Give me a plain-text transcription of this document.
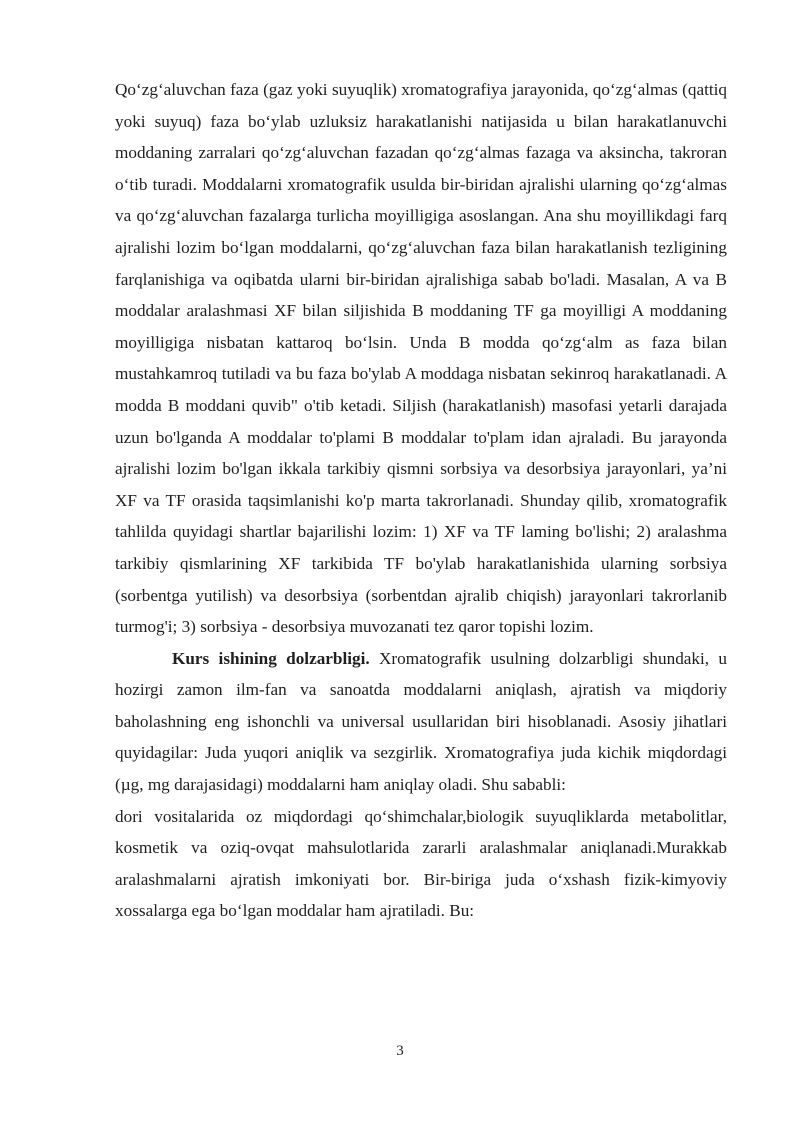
Qo‘zg‘aluvchan faza (gaz yoki suyuqlik) xromatografiya jarayonida, qo‘zg‘almas (qattiq yoki suyuq) faza bo‘ylab uzluksiz harakatlanishi natijasida u bilan harakatlanuvchi moddaning zarralari qo‘zg‘aluvchan fazadan qo‘zg‘almas fazaga va aksincha, takroran o‘tib turadi. Moddalarni xromatografik usulda bir-biridan ajralishi ularning qo‘zg‘almas va qo‘zg‘aluvchan fazalarga turlicha moyilligiga asoslangan. Ana shu moyillikdagi farq ajralishi lozim bo‘lgan moddalarni, qo‘zg‘aluvchan faza bilan harakatlanish tezligining farqlanishiga va oqibatda ularni bir-biridan ajralishiga sabab bo'ladi. Masalan, A va B moddalar aralashmasi XF bilan siljishida B moddaning TF ga moyilligi A moddaning moyilligiga nisbatan kattaroq bo‘lsin. Unda B modda qo‘zg‘alm as faza bilan mustahkamroq tutiladi va bu faza bo'ylab A moddaga nisbatan sekinroq harakatlanadi. A modda B moddani quvib" o'tib ketadi. Siljish (harakatlanish) masofasi yetarli darajada uzun bo'lganda A moddalar to'plami B moddalar to'plam idan ajraladi. Bu jarayonda ajralishi lozim bo'lgan ikkala tarkibiy qismni sorbsiya va desorbsiya jarayonlari, ya’ni XF va TF orasida taqsimlanishi ko'p marta takrorlanadi. Shunday qilib, xromatografik tahlilda quyidagi shartlar bajarilishi lozim: 1) XF va TF laming bo'lishi; 2) aralashma tarkibiy qismlarining XF tarkibida TF bo'ylab harakatlanishida ularning sorbsiya (sorbentga yutilish) va desorbsiya (sorbentdan ajralib chiqish) jarayonlari takrorlanib turmog'i; 3) sorbsiya - desorbsiya muvozanati tez qaror topishi lozim.

Kurs ishining dolzarbligi. Xromatografik usulning dolzarbligi shundaki, u hozirgi zamon ilm-fan va sanoatda moddalarni aniqlash, ajratish va miqdoriy baholashning eng ishonchli va universal usullaridan biri hisoblanadi. Asosiy jihatlari quyidagilar: Juda yuqori aniqlik va sezgirlik. Xromatografiya juda kichik miqdordagi (µg, mg darajasidagi) moddalarni ham aniqlay oladi. Shu sababli:

dori vositalarida oz miqdordagi qo‘shimchalar,biologik suyuqliklarda metabolitlar, kosmetik va oziq-ovqat mahsulotlarida zararli aralashmalar aniqlanadi.Murakkab aralashmalarni ajratish imkoniyati bor. Bir-biriga juda o‘xshash fizik-kimyoviy xossalarga ega bo‘lgan moddalar ham ajratiladi. Bu:

3
